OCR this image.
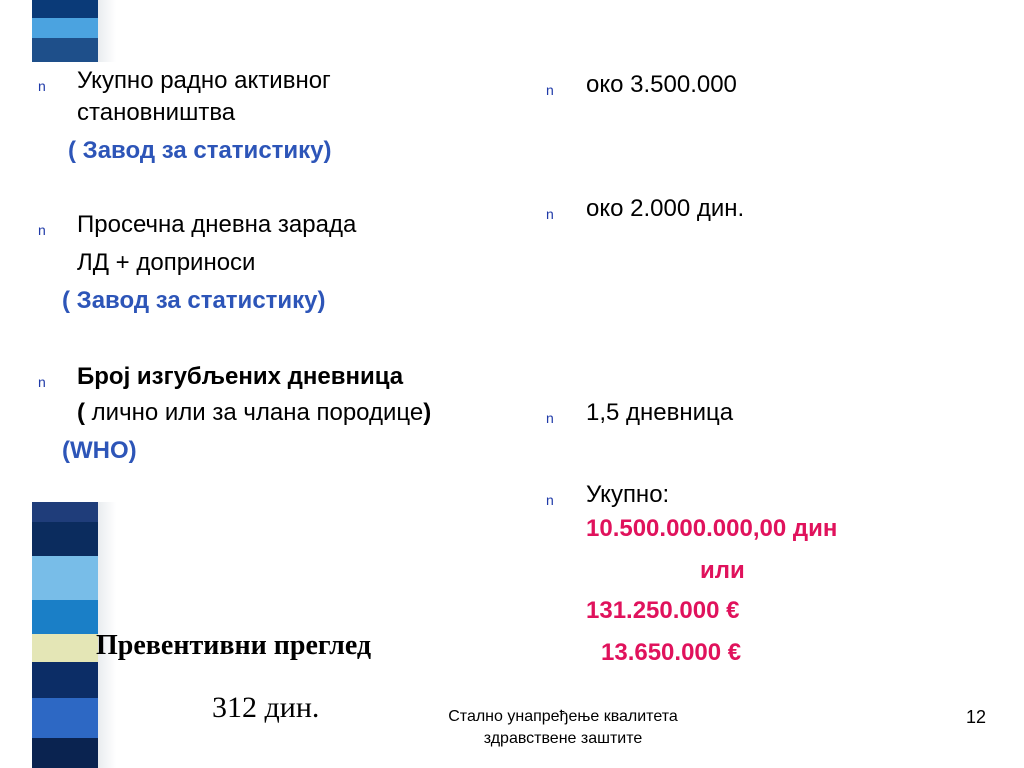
n Укупно радно активног
становништва
( Завод за статистику)
n Просечна дневна зарада
ЛД + доприноси
( Завод за статистику)
n Број изгубљених дневница
( лично или за члана породице)
(WHO)
n око 3.500.000
n око 2.000 дин.
n 1,5 дневница
n Укупно:
10.500.000.000,00 дин
или
131.250.000 €
13.650.000 €
Превентивни преглед
312 дин.	Стално унапређење квалитета
здравствене заштите
12
